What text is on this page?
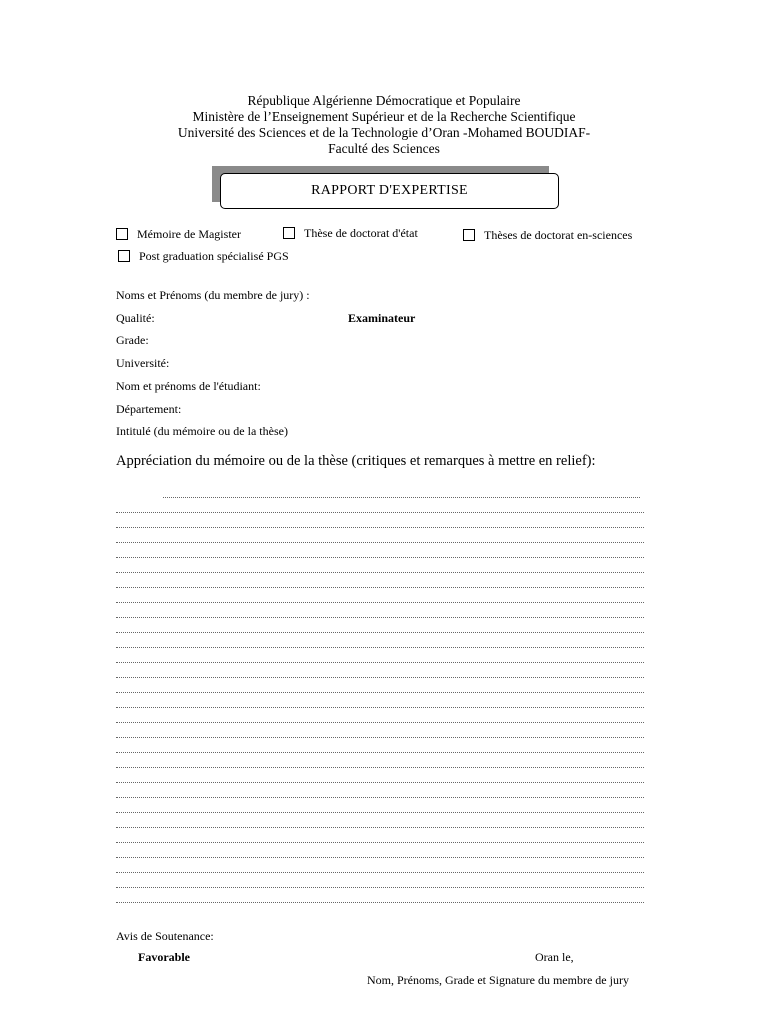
République Algérienne Démocratique et Populaire
Ministère de l’Enseignement Supérieur et de la Recherche Scientifique
Université des Sciences et de la Technologie d’Oran -Mohamed BOUDIAF-
Faculté des Sciences
RAPPORT D'EXPERTISE
Mémoire de Magister	Thèse de doctorat d'état	Thèses de doctorat en-sciences
Post graduation spécialisé PGS
Noms et Prénoms (du membre de jury) :
Qualité:	Examinateur
Grade:
Université:
Nom et prénoms de l'étudiant:
Département:
Intitulé (du mémoire ou de la thèse)
Appréciation du mémoire ou de la thèse (critiques et remarques à mettre en relief):
Avis de Soutenance:
Favorable	Oran le,
Nom, Prénoms, Grade et Signature du membre de jury
